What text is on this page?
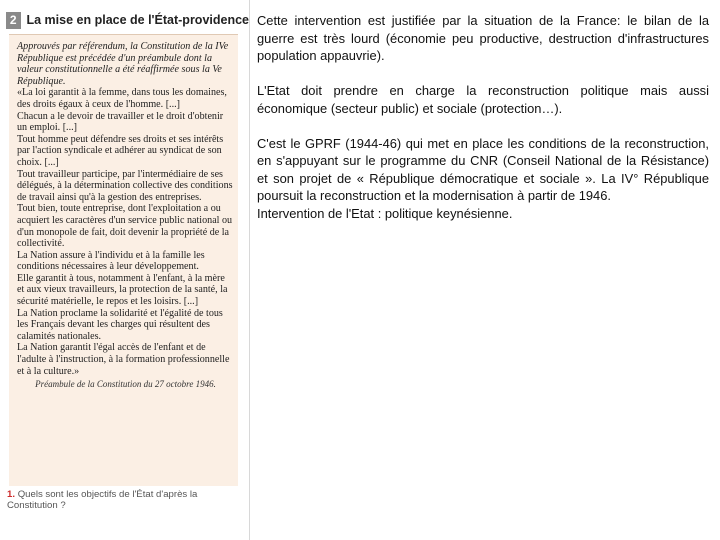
2 La mise en place de l'État-providence

Approuvés par référendum, la Constitution de la IVe République est précédée d'un préambule dont la valeur constitutionnelle a été réaffirmée sous la Ve République.

«La loi garantit à la femme, dans tous les domaines, des droits égaux à ceux de l'homme. [...]

Chacun a le devoir de travailler et le droit d'obtenir un emploi. [...]

Tout homme peut défendre ses droits et ses intérêts par l'action syndicale et adhérer au syndicat de son choix. [...]

Tout travailleur participe, par l'intermédiaire de ses délégués, à la détermination collective des conditions de travail ainsi qu'à la gestion des entreprises.

Tout bien, toute entreprise, dont l'exploitation a ou acquiert les caractères d'un service public national ou d'un monopole de fait, doit devenir la propriété de la collectivité.

La Nation assure à l'individu et à la famille les conditions nécessaires à leur développement.

Elle garantit à tous, notamment à l'enfant, à la mère et aux vieux travailleurs, la protection de la santé, la sécurité matérielle, le repos et les loisirs. [...]

La Nation proclame la solidarité et l'égalité de tous les Français devant les charges qui résultent des calamités nationales.

La Nation garantit l'égal accès de l'enfant et de l'adulte à l'instruction, à la formation professionnelle et à la culture.»

Préambule de la Constitution du 27 octobre 1946.

1. Quels sont les objectifs de l'État d'après la Constitution ?

Cette intervention est justifiée par la situation de la France: le bilan de la guerre est très lourd (économie peu productive, destruction d'infrastructures population appauvrie).

L'Etat doit prendre en charge la reconstruction politique mais aussi économique (secteur public) et sociale (protection…).

C'est le GPRF (1944-46) qui met en place les conditions de la reconstruction, en s'appuyant sur le programme du CNR (Conseil National de la Résistance) et son projet de « République démocratique et sociale ». La IV° République poursuit la reconstruction et la modernisation à partir de 1946.

Intervention de l'Etat : politique keynésienne.
